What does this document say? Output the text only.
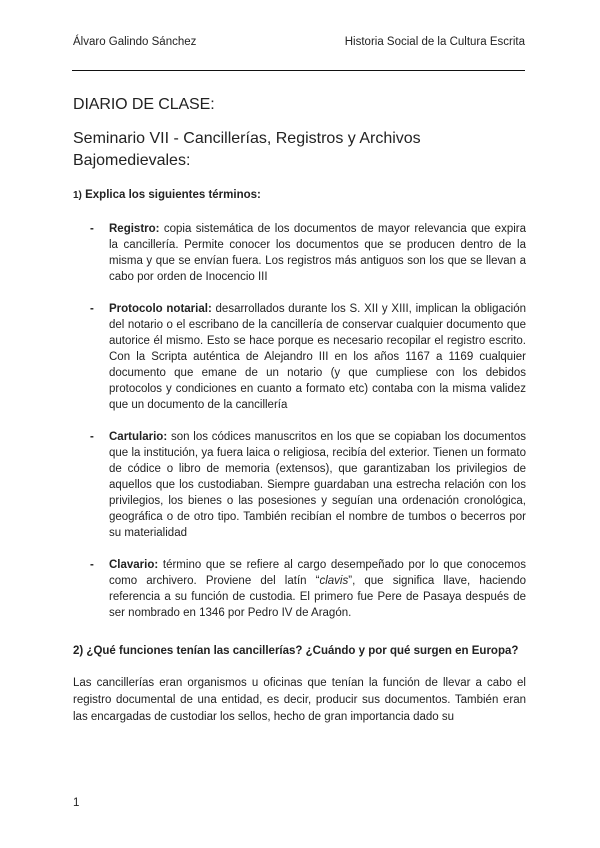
Álvaro Galindo Sánchez	Historia Social de la Cultura Escrita
DIARIO DE CLASE:
Seminario VII - Cancillerías, Registros y Archivos Bajomedievales:
1) Explica los siguientes términos:
- Registro: copia sistemática de los documentos de mayor relevancia que expira la cancillería. Permite conocer los documentos que se producen dentro de la misma y que se envían fuera. Los registros más antiguos son los que se llevan a cabo por orden de Inocencio III
- Protocolo notarial: desarrollados durante los S. XII y XIII, implican la obligación del notario o el escribano de la cancillería de conservar cualquier documento que autorice él mismo. Esto se hace porque es necesario recopilar el registro escrito. Con la Scripta auténtica de Alejandro III en los años 1167 a 1169 cualquier documento que emane de un notario (y que cumpliese con los debidos protocolos y condiciones en cuanto a formato etc) contaba con la misma validez que un documento de la cancillería
- Cartulario: son los códices manuscritos en los que se copiaban los documentos que la institución, ya fuera laica o religiosa, recibía del exterior. Tienen un formato de códice o libro de memoria (extensos), que garantizaban los privilegios de aquellos que los custodiaban. Siempre guardaban una estrecha relación con los privilegios, los bienes o las posesiones y seguían una ordenación cronológica, geográfica o de otro tipo. También recibían el nombre de tumbos o becerros por su materialidad
- Clavario: término que se refiere al cargo desempeñado por lo que conocemos como archivero. Proviene del latín “clavis”, que significa llave, haciendo referencia a su función de custodia. El primero fue Pere de Pasaya después de ser nombrado en 1346 por Pedro IV de Aragón.
2) ¿Qué funciones tenían las cancillerías? ¿Cuándo y por qué surgen en Europa?
Las cancillerías eran organismos u oficinas que tenían la función de llevar a cabo el registro documental de una entidad, es decir, producir sus documentos. También eran las encargadas de custodiar los sellos, hecho de gran importancia dado su
1
